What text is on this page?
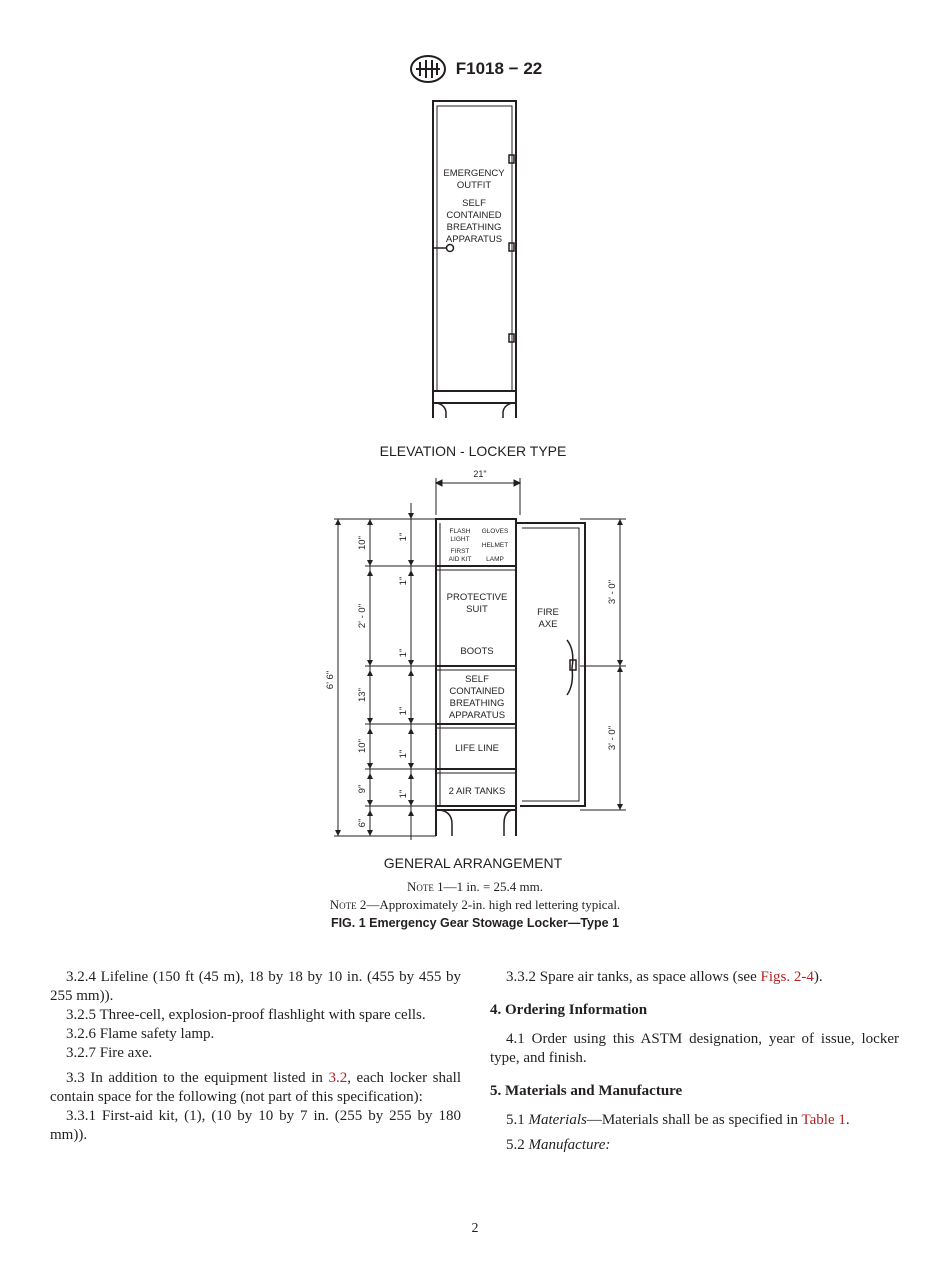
F1018 − 22
EMERGENCY
OUTFIT
SELF
CONTAINED
BREATHING
APPARATUS
ELEVATION - LOCKER TYPE
21"
6' 6"
10"
2' - 0"
13"
10"
9"
6"
1"
1"
1"
1"
1"
1"
3' - 0"
3' - 0"
FLASH
LIGHT
GLOVES
HELMET
FIRST
AID KIT LAMP
PROTECTIVE
SUIT
BOOTS
SELF
CONTAINED
BREATHING
APPARATUS
LIFE LINE
2 AIR TANKS
FIRE
AXE
GENERAL ARRANGEMENT
Note 1—1 in. = 25.4 mm.
Note 2—Approximately 2-in. high red lettering typical.
FIG. 1 Emergency Gear Stowage Locker—Type 1

3.2.4 Lifeline (150 ft (45 m), 18 by 18 by 10 in. (455 by 455 by 255 mm)).

3.2.5 Three-cell, explosion-proof flashlight with spare cells.

3.2.6 Flame safety lamp.

3.2.7 Fire axe.

3.3 In addition to the equipment listed in 3.2, each locker shall contain space for the following (not part of this specification):

3.3.1 First-aid kit, (1), (10 by 10 by 7 in. (255 by 255 by 180 mm)).

3.3.2 Spare air tanks, as space allows (see Figs. 2-4).

4. Ordering Information

4.1 Order using this ASTM designation, year of issue, locker type, and finish.

5. Materials and Manufacture

5.1 Materials—Materials shall be as specified in Table 1.

5.2 Manufacture:

2
